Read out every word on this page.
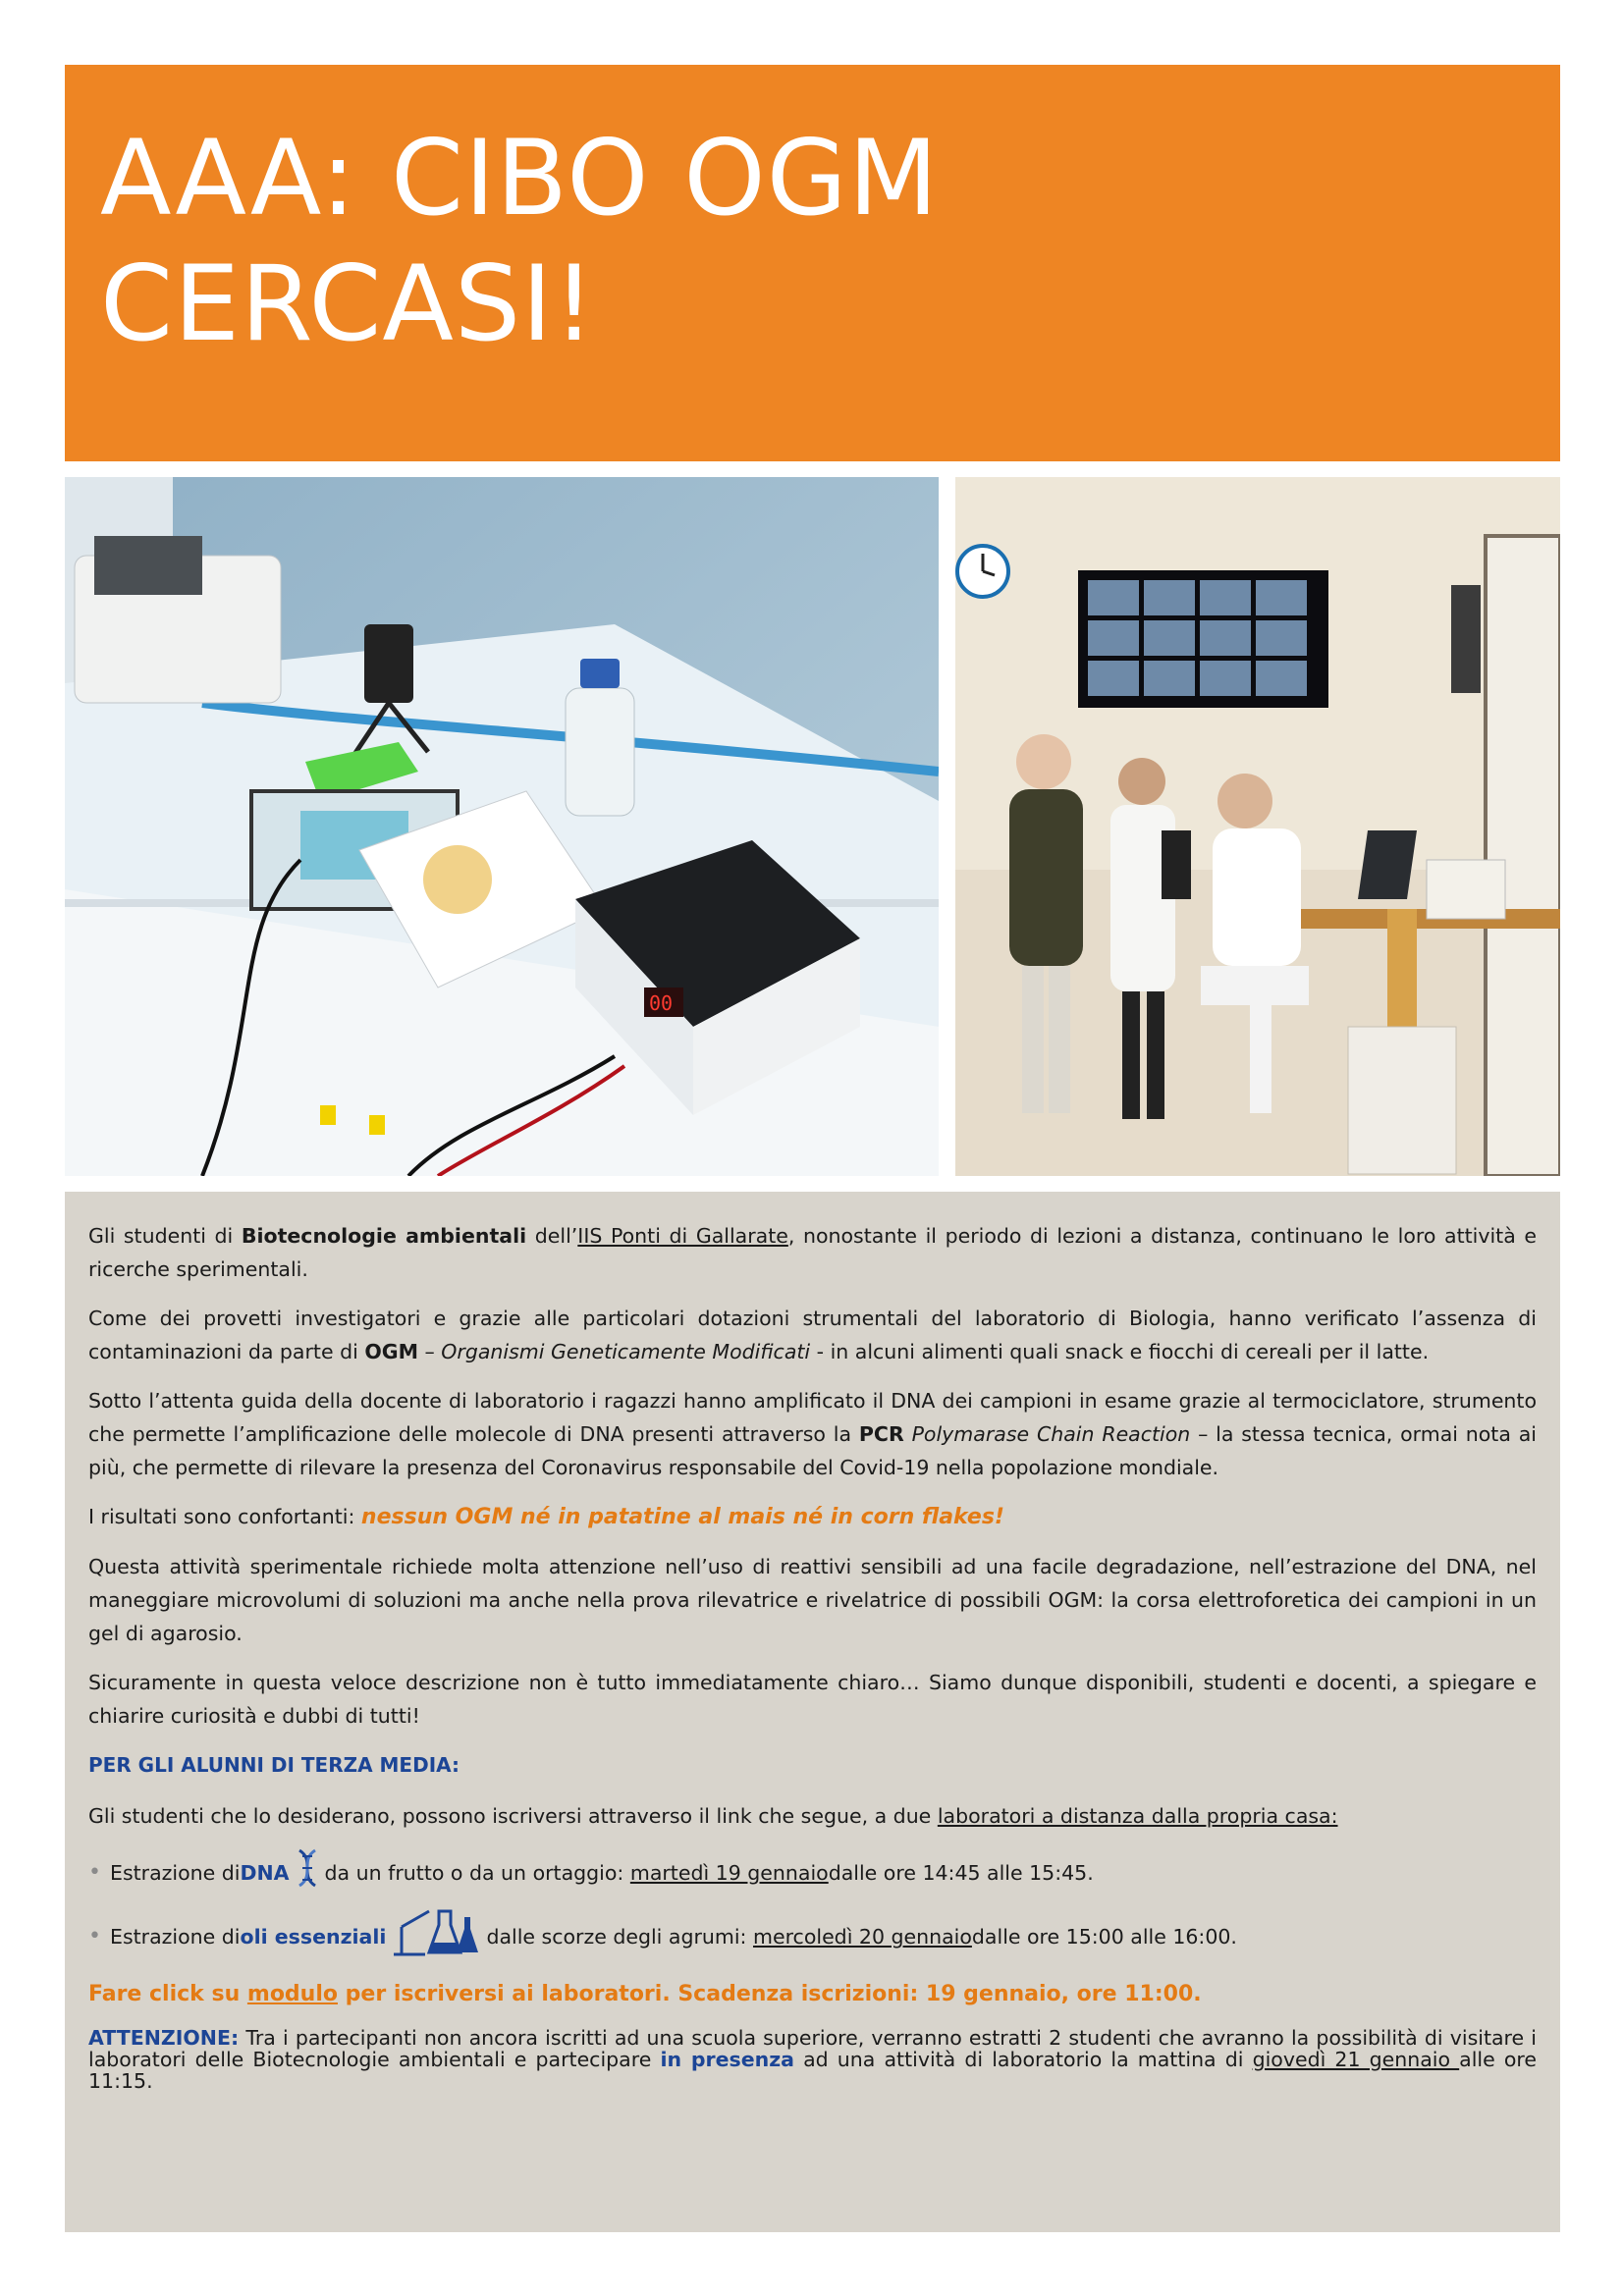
AAA: CIBO OGM
CERCASI!
00

Gli studenti di Biotecnologie ambientali dell’IIS Ponti di Gallarate, nonostante il periodo di lezioni a distanza, continuano le loro attività e ricerche sperimentali.

Come dei provetti investigatori e grazie alle particolari dotazioni strumentali del laboratorio di Biologia, hanno verificato l’assenza di contaminazioni da parte di OGM – Organismi Geneticamente Modificati - in alcuni alimenti quali snack e fiocchi di cereali per il latte.

Sotto l’attenta guida della docente di laboratorio i ragazzi hanno amplificato il DNA dei campioni in esame grazie al termociclatore, strumento che permette l’amplificazione delle molecole di DNA presenti attraverso la PCR Polymarase Chain Reaction – la stessa tecnica, ormai nota ai più, che permette di rilevare la presenza del Coronavirus responsabile del Covid-19 nella popolazione mondiale.

I risultati sono confortanti: nessun OGM né in patatine al mais né in corn flakes!

Questa attività sperimentale richiede molta attenzione nell’uso di reattivi sensibili ad una facile degradazione, nell’estrazione del DNA, nel maneggiare microvolumi di soluzioni ma anche nella prova rilevatrice e rivelatrice di possibili OGM: la corsa elettroforetica dei campioni in un gel di agarosio.

Sicuramente in questa veloce descrizione non è tutto immediatamente chiaro… Siamo dunque disponibili, studenti e docenti, a spiegare e chiarire curiosità e dubbi di tutti!

PER GLI ALUNNI DI TERZA MEDIA:

Gli studenti che lo desiderano, possono iscriversi attraverso il link che segue, a due laboratori a distanza dalla propria casa:

• Estrazione di DNA da un frutto o da un ortaggio:
martedì 19 gennaio dalle ore 14:45 alle 15:45.
• Estrazione di oli essenziali	dalle scorze degli agrumi:
mercoledì 20 gennaio dalle ore 15:00 alle 16:00.
Fare click su modulo per iscriversi ai laboratori. Scadenza iscrizioni: 19 gennaio, ore 11:00.

ATTENZIONE: Tra i partecipanti non ancora iscritti ad una scuola superiore, verranno estratti 2 studenti che avranno la possibilità di visitare i laboratori delle Biotecnologie ambientali e partecipare in presenza ad una attività di laboratorio la mattina di giovedì 21 gennaio alle ore 11:15.
